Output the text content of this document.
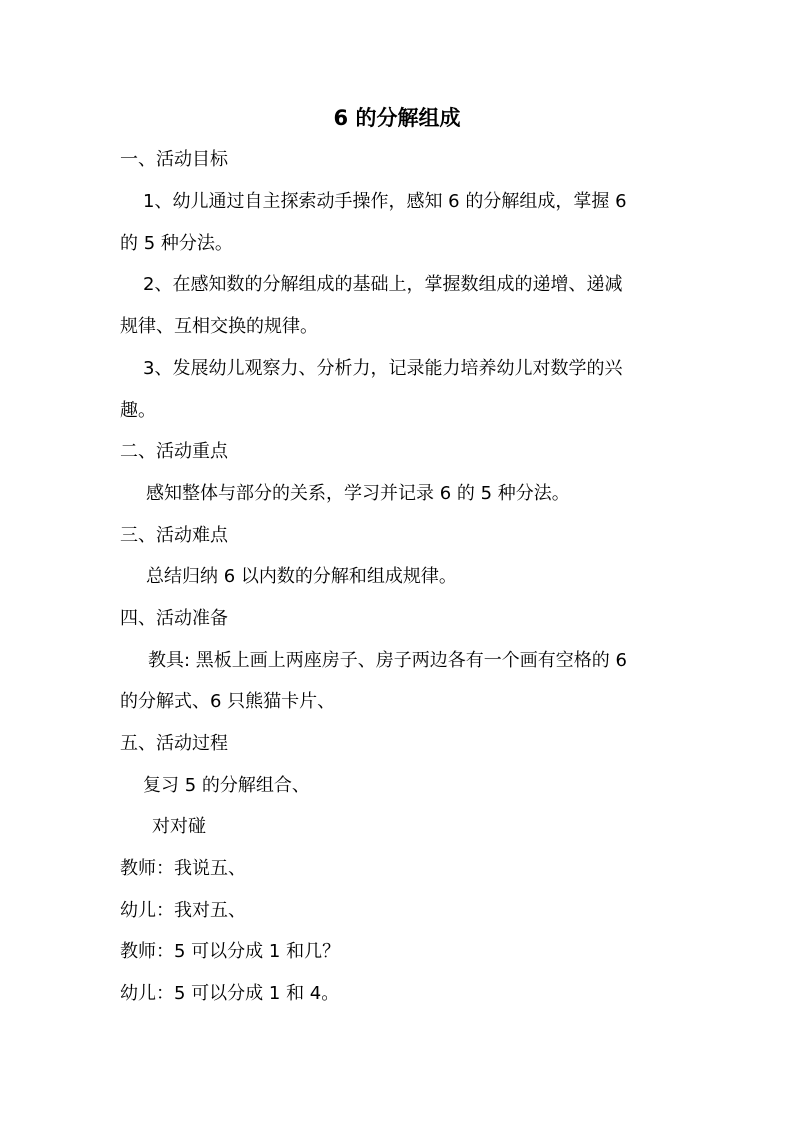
6 的分解组成
一、活动目标
1、幼儿通过自主探索动手操作，感知 6 的分解组成，掌握 6
的 5 种分法。
2、在感知数的分解组成的基础上，掌握数组成的递增、递减
规律、互相交换的规律。
3、发展幼儿观察力、分析力，记录能力培养幼儿对数学的兴
趣。
二、活动重点
感知整体与部分的关系，学习并记录 6 的 5 种分法。
三、活动难点
总结归纳 6 以内数的分解和组成规律。
四、活动准备
教具: 黑板上画上两座房子、房子两边各有一个画有空格的 6
的分解式、6 只熊猫卡片、
五、活动过程
复习 5 的分解组合、
对对碰
教师：我说五、
幼儿：我对五、
教师：5 可以分成 1 和几？
幼儿：5 可以分成 1 和 4。
